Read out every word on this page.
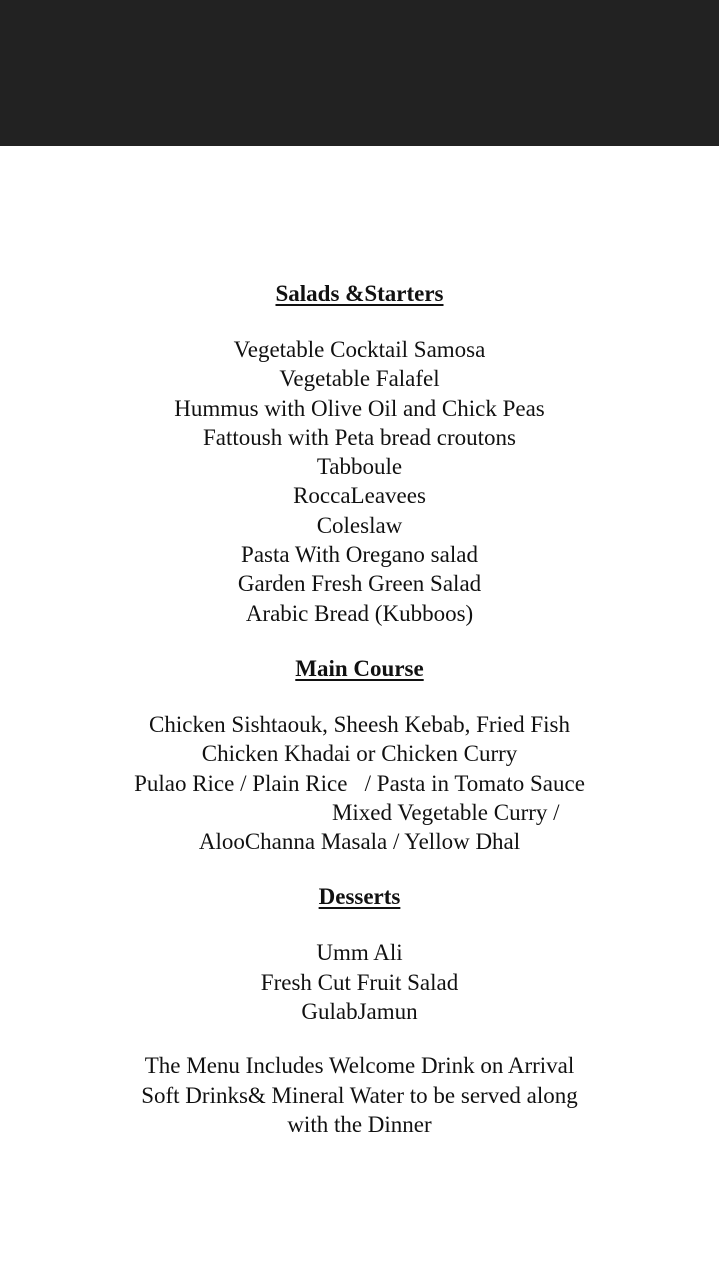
Salads &Starters
Vegetable Cocktail Samosa
Vegetable Falafel
Hummus with Olive Oil and Chick Peas
Fattoush with Peta bread croutons
Tabboule
RoccaLeavees
Coleslaw
Pasta With Oregano salad
Garden Fresh Green Salad
Arabic Bread (Kubboos)
Main Course
Chicken Sishtaouk, Sheesh Kebab, Fried Fish
Chicken Khadai or Chicken Curry
Pulao Rice / Plain Rice   / Pasta in Tomato Sauce
Mixed Vegetable Curry /
AlooChanna Masala / Yellow Dhal
Desserts
Umm Ali
Fresh Cut Fruit Salad
GulabJamun
The Menu Includes Welcome Drink on Arrival
Soft Drinks& Mineral Water to be served along
with the Dinner
